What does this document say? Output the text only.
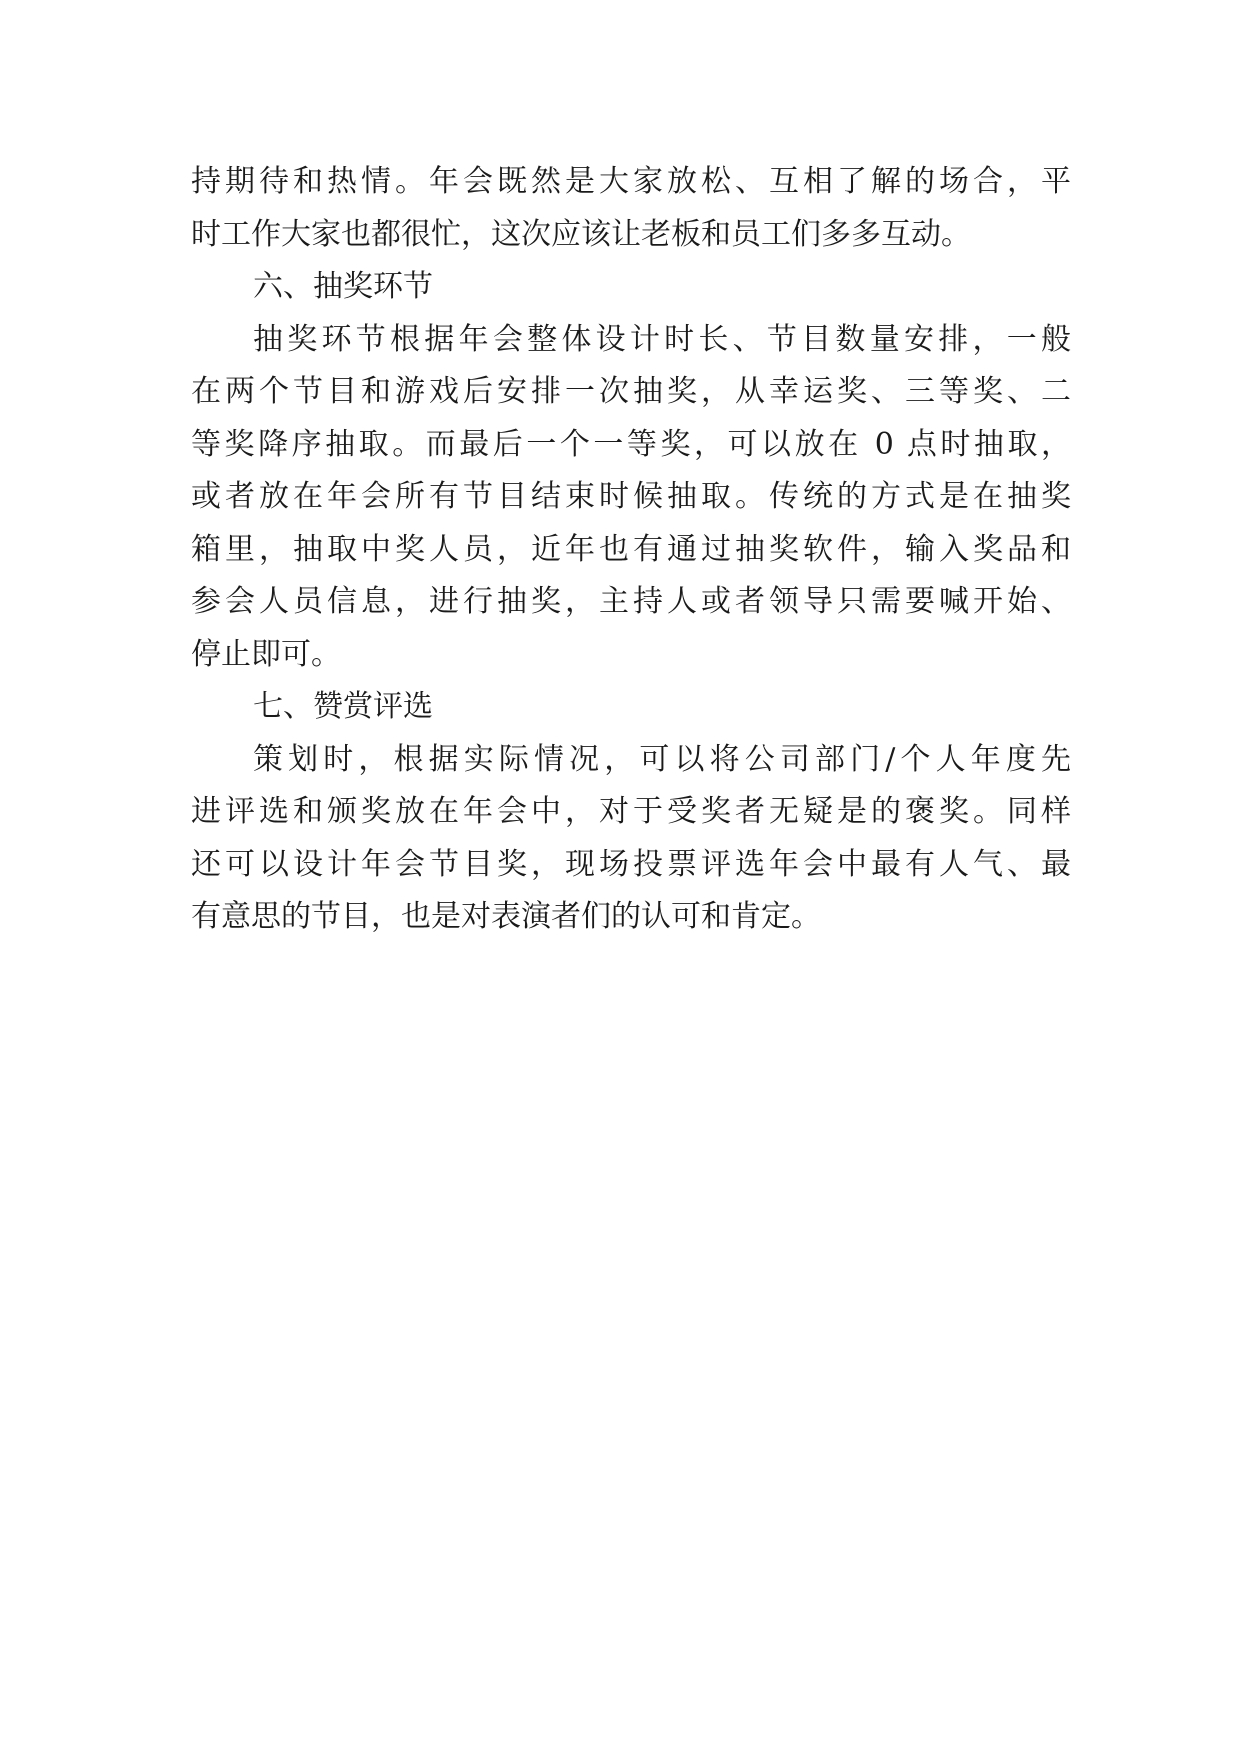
持期待和热情。年会既然是大家放松、互相了解的场合，平
时工作大家也都很忙，这次应该让老板和员工们多多互动。
六、抽奖环节
抽奖环节根据年会整体设计时长、节目数量安排，一般
在两个节目和游戏后安排一次抽奖，从幸运奖、三等奖、二
等奖降序抽取。而最后一个一等奖，可以放在 0 点时抽取，
或者放在年会所有节目结束时候抽取。传统的方式是在抽奖
箱里，抽取中奖人员，近年也有通过抽奖软件，输入奖品和
参会人员信息，进行抽奖，主持人或者领导只需要喊开始、
停止即可。
七、赞赏评选
策划时，根据实际情况，可以将公司部门/个人年度先
进评选和颁奖放在年会中，对于受奖者无疑是的褒奖。同样
还可以设计年会节目奖，现场投票评选年会中最有人气、最
有意思的节目，也是对表演者们的认可和肯定。
